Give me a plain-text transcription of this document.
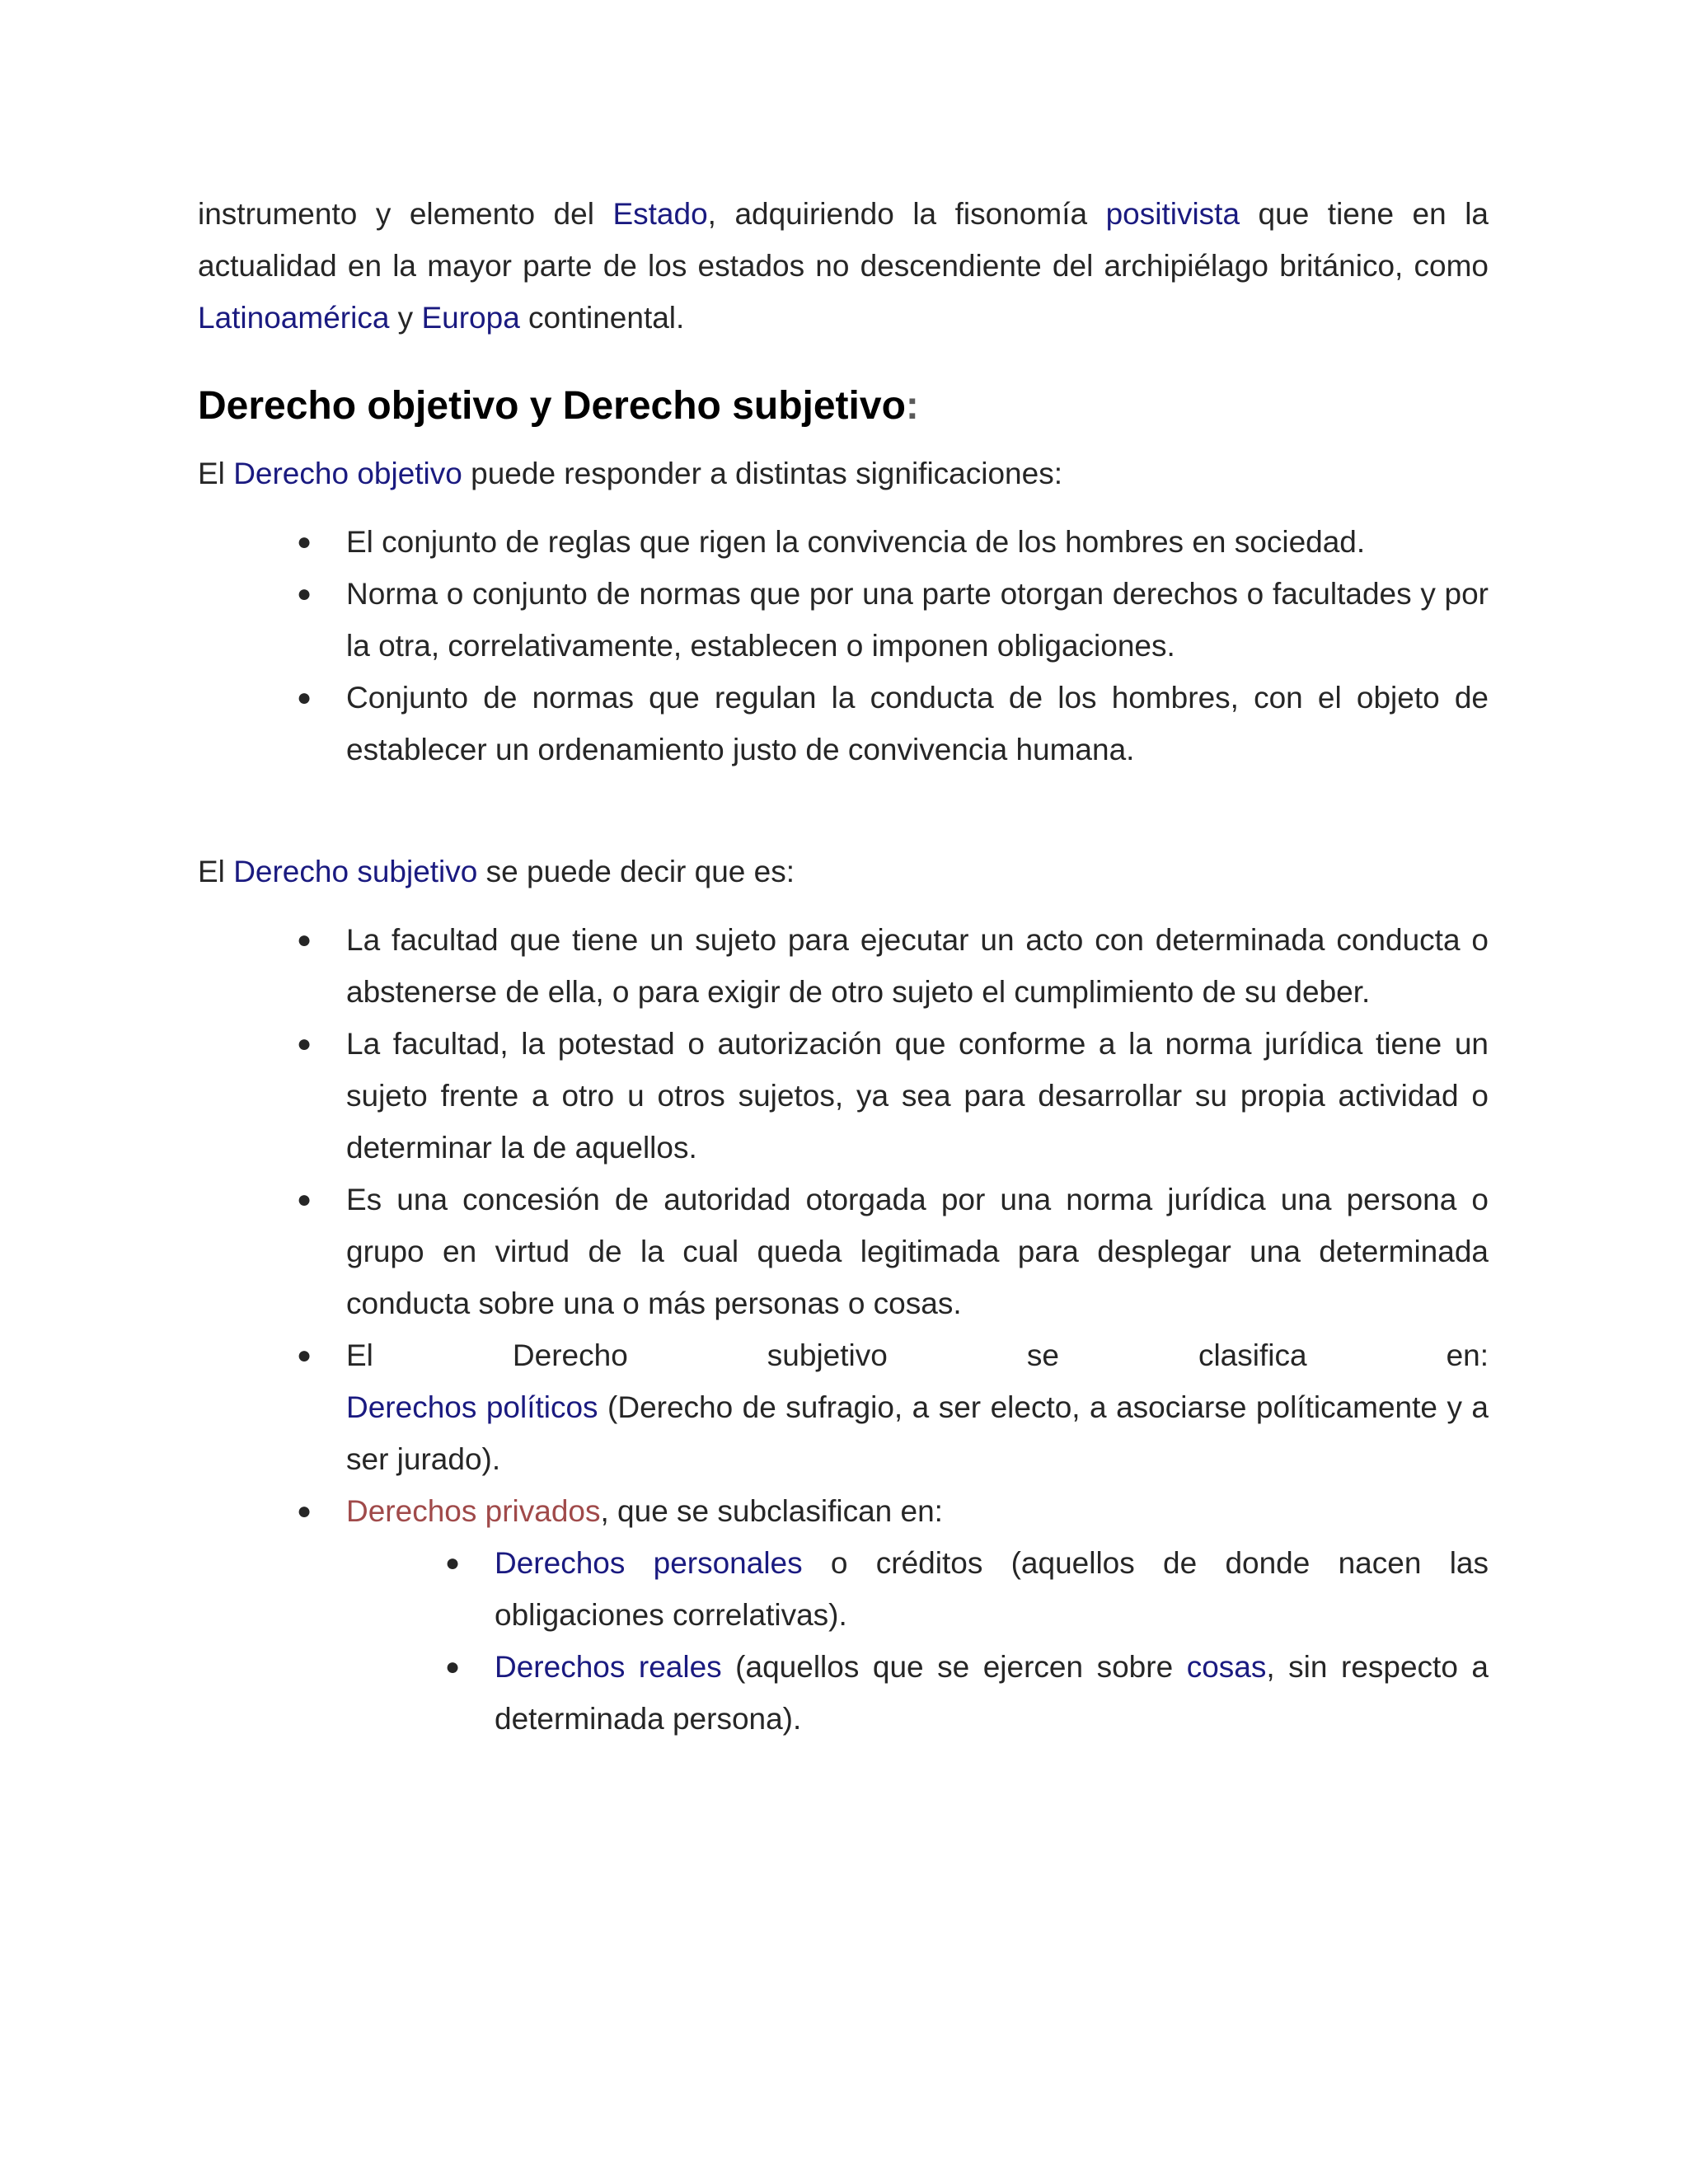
instrumento y elemento del Estado, adquiriendo la fisonomía positivista que tiene en la actualidad en la mayor parte de los estados no descendiente del archipiélago británico, como Latinoamérica y Europa continental.

Derecho objetivo y Derecho subjetivo:

El Derecho objetivo puede responder a distintas significaciones:

●	El conjunto de reglas que rigen la convivencia de los hombres en sociedad.
●	Norma o conjunto de normas que por una parte otorgan derechos o facultades y por la otra, correlativamente, establecen o imponen obligaciones.
●	Conjunto de normas que regulan la conducta de los hombres, con el objeto de establecer un ordenamiento justo de convivencia humana.

El Derecho subjetivo se puede decir que es:

●	La facultad que tiene un sujeto para ejecutar un acto con determinada conducta o abstenerse de ella, o para exigir de otro sujeto el cumplimiento de su deber.
●	La facultad, la potestad o autorización que conforme a la norma jurídica tiene un sujeto frente a otro u otros sujetos, ya sea para desarrollar su propia actividad o determinar la de aquellos.
●	Es una concesión de autoridad otorgada por una norma jurídica una persona o grupo en virtud de la cual queda legitimada para desplegar una determinada conducta sobre una o más personas o cosas.
●	El	Derecho	subjetivo	se	clasifica	en:
Derechos políticos (Derecho de sufragio, a ser electo, a asociarse políticamente y a ser jurado).
●	Derechos privados, que se subclasifican en:
●	Derechos personales o créditos (aquellos de donde nacen las obligaciones correlativas).
●	Derechos reales (aquellos que se ejercen sobre cosas, sin respecto a determinada persona).
